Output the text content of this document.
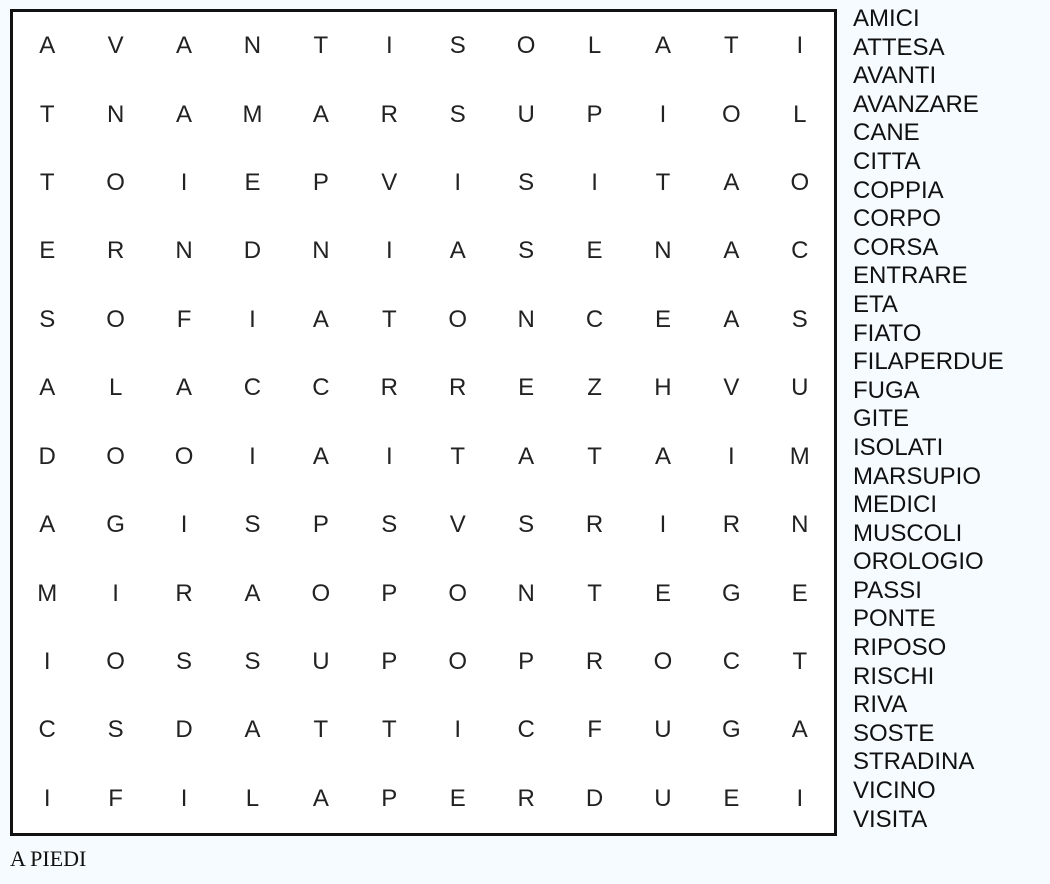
A	V	A	N	T	I	S	O	L	A	T	I
T	N	A	M	A	R	S	U	P	I	O	L
T	O	I	E	P	V	I	S	I	T	A	O
E	R	N	D	N	I	A	S	E	N	A	C
S	O	F	I	A	T	O	N	C	E	A	S
A	L	A	C	C	R	R	E	Z	H	V	U
D	O	O	I	A	I	T	A	T	A	I	M
A	G	I	S	P	S	V	S	R	I	R	N
M	I	R	A	O	P	O	N	T	E	G	E
I	O	S	S	U	P	O	P	R	O	C	T
C	S	D	A	T	T	I	C	F	U	G	A
I	F	I	L	A	P	E	R	D	U	E	I
AMICI
ATTESA
AVANTI
AVANZARE
CANE
CITTA
COPPIA
CORPO
CORSA
ENTRARE
ETA
FIATO
FILAPERDUE
FUGA
GITE
ISOLATI
MARSUPIO
MEDICI
MUSCOLI
OROLOGIO
PASSI
PONTE
RIPOSO
RISCHI
RIVA
SOSTE
STRADINA
VICINO
VISITA
A PIEDI
